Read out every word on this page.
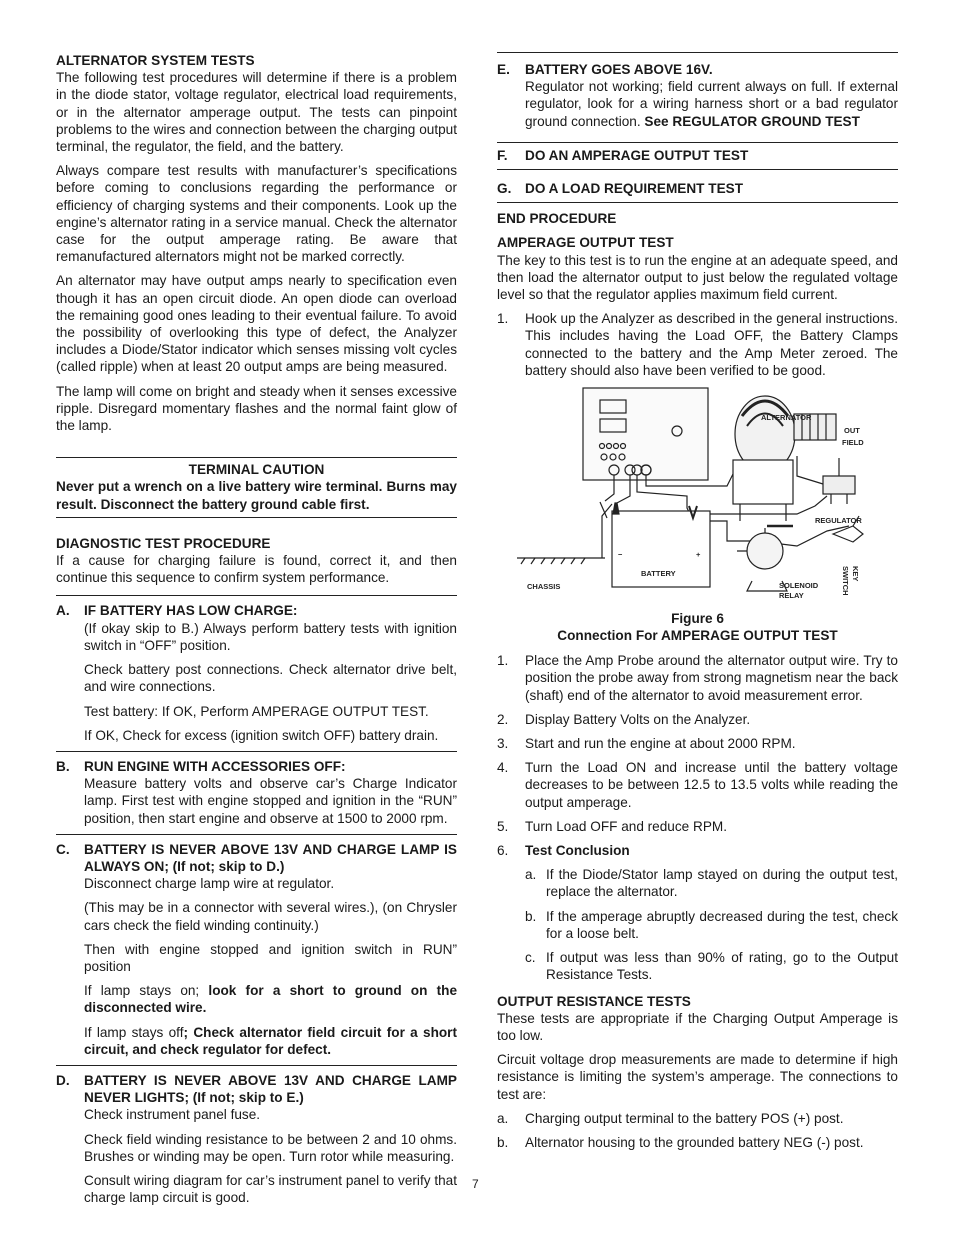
ALTERNATOR SYSTEM TESTS

The following test procedures will determine if there is a problem in the diode stator, voltage regulator, electrical load requirements, or in the alternator amperage output. The tests can pinpoint problems to the wires and connection between the charging output terminal, the regulator, the field, and the battery.

Always compare test results with manufacturer’s specifications before coming to conclusions regarding the performance or efficiency of charging systems and their components. Look up the engine’s alternator rating in a service manual. Check the alternator case for the output amperage rating. Be aware that remanufactured alternators might not be marked correctly.

An alternator may have output amps nearly to specification even though it has an open circuit diode. An open diode can overload the remaining good ones leading to their eventual failure. To avoid the possibility of overlooking this type of defect, the Analyzer includes a Diode/Stator indicator which senses missing volt cycles (called ripple) when at least 20 output amps are being measured.

The lamp will come on bright and steady when it senses excessive ripple. Disregard momentary flashes and the normal faint glow of the lamp.

TERMINAL CAUTION
Never put a wrench on a live battery wire terminal. Burns may result. Disconnect the battery ground cable first.
DIAGNOSTIC TEST PROCEDURE

If a cause for charging failure is found, correct it, and then continue this sequence to confirm system performance.

A.	IF BATTERY HAS LOW CHARGE:

(If okay skip to B.) Always perform battery tests with ignition switch in “OFF” position.

Check battery post connections. Check alternator drive belt, and wire connections.

Test battery: If OK, Perform AMPERAGE OUTPUT TEST.

If OK, Check for excess (ignition switch OFF) battery drain.

B.	RUN ENGINE WITH ACCESSORIES OFF:

Measure battery volts and observe car’s Charge Indicator lamp. First test with engine stopped and ignition in the “RUN” position, then start engine and observe at 1500 to 2000 rpm.

C.	BATTERY IS NEVER ABOVE 13V AND CHARGE LAMP IS ALWAYS ON; (If not; skip to D.)

Disconnect charge lamp wire at regulator.

(This may be in a connector with several wires.), (on Chrysler cars check the field winding continuity.)

Then with engine stopped and ignition switch in RUN” position

If lamp stays on; look for a short to ground on the disconnected wire.

If lamp stays off; Check alternator field circuit for a short circuit, and check regulator for defect.

D.	BATTERY IS NEVER ABOVE 13V AND CHARGE LAMP NEVER LIGHTS; (If not; skip to E.)

Check instrument panel fuse.

Check field winding resistance to be between 2 and 10 ohms. Brushes or winding may be open. Turn rotor while measuring.

Consult wiring diagram for car’s instrument panel to verify that charge lamp circuit is good.

E.	BATTERY GOES ABOVE 16V.

Regulator not working; field current always on full. If external regulator, look for a wiring harness short or a bad regulator ground connection. See REGULATOR GROUND TEST

F.	DO AN AMPERAGE OUTPUT TEST
G.	DO A LOAD REQUIREMENT TEST
END PROCEDURE
AMPERAGE OUTPUT TEST

The key to this test is to run the engine at an adequate speed, and then load the alternator output to just below the regulated voltage level so that the regulator applies maximum field current.

1.	Hook up the Analyzer as described in the general instructions. This includes having the Load OFF, the Battery Clamps connected to the battery and the Amp Meter zeroed. The battery should also have been verified to be good.
ALTERNATOR
OUT
FIELD
REGULATOR
BATTERY
CHASSIS	SOLENOID
RELAY
KEY
SWITCH
−	+
Figure 6
Connection For AMPERAGE OUTPUT TEST
1.	Place the Amp Probe around the alternator output wire. Try to position the probe away from strong magnetism near the back (shaft) end of the alternator to avoid measurement error.
2.	Display Battery Volts on the Analyzer.
3.	Start and run the engine at about 2000 RPM.
4.	Turn the Load ON and increase until the battery voltage decreases to be between 12.5 to 13.5 volts while reading the output amperage.
5.	Turn Load OFF and reduce RPM.
6.	Test Conclusion
a. If the Diode/Stator lamp stayed on during the output test, replace the alternator.
b. If the amperage abruptly decreased during the test, check for a loose belt.
c. If output was less than 90% of rating, go to the Output Resistance Tests.
OUTPUT RESISTANCE TESTS

These tests are appropriate if the Charging Output Amperage is too low.

Circuit voltage drop measurements are made to determine if high resistance is limiting the system’s amperage. The connections to test are:

a.	Charging output terminal to the battery POS (+) post.
b.	Alternator housing to the grounded battery NEG (-) post.
7
